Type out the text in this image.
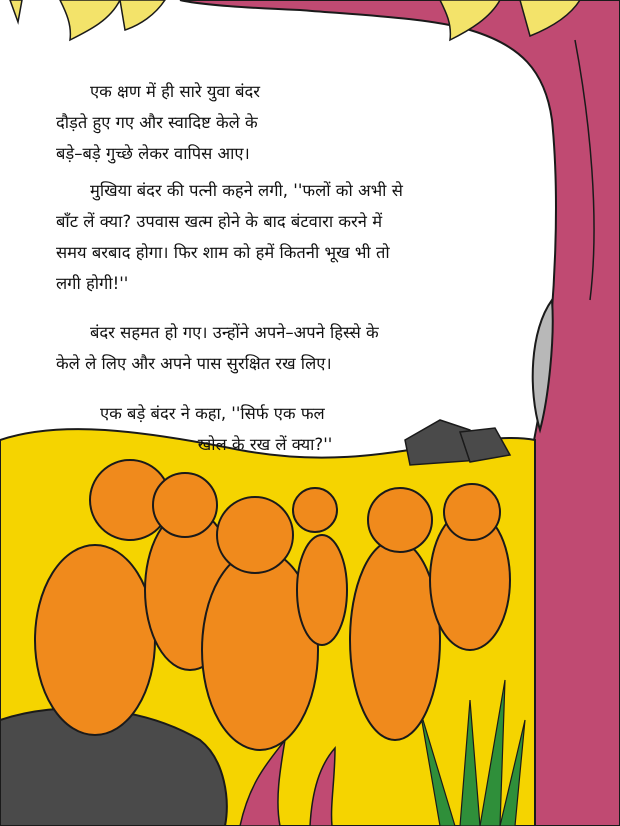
एक क्षण में ही सारे युवा बंदर
दौड़ते हुए गए और स्वादिष्ट केले के
बड़े–बड़े गुच्छे लेकर वापिस आए।
मुखिया बंदर की पत्नी कहने लगी, ''फलों को अभी से
बाँट लें क्या? उपवास खत्म होने के बाद बंटवारा करने में
समय बरबाद होगा। फिर शाम को हमें कितनी भूख भी तो
लगी होगी!''
बंदर सहमत हो गए। उन्होंने अपने–अपने हिस्से के
केले ले लिए और अपने पास सुरक्षित रख लिए।
एक बड़े बंदर ने कहा, ''सिर्फ एक फल
खोल के रख लें क्या?''
